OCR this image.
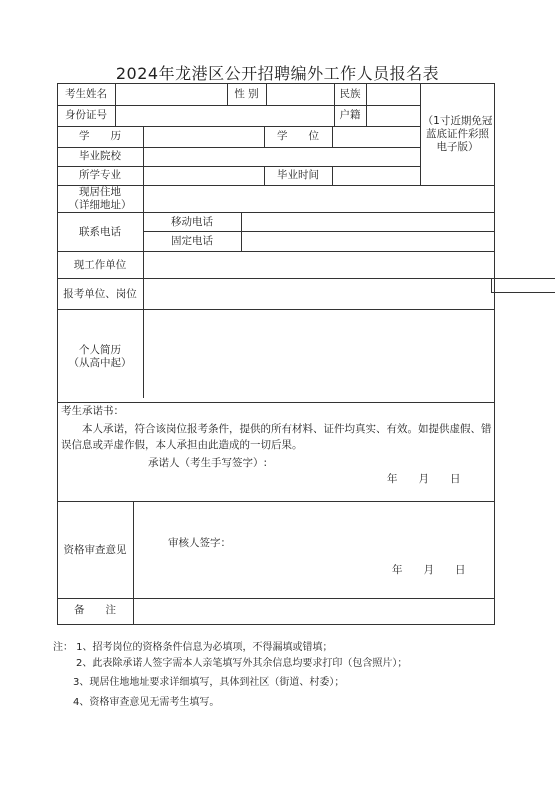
2024年龙港区公开招聘编外工作人员报名表
考生姓名	性 别	民族
身份证号	户籍	（1寸近期免冠蓝底证件彩照电子版）
学　　历	学　　位
毕业院校
所学专业	毕业时间
现居住地
（详细地址）
联系电话
移动电话
固定电话
现工作单位
报考单位、岗位
个人简历
（从高中起）
考生承诺书：
本人承诺，符合该岗位报考条件，提供的所有材料、证件均真实、有效。如提供虚假、错误信息或弄虚作假，本人承担由此造成的一切后果。
承诺人（考生手写签字）:
年　　月　　日
资格审查意见
审核人签字：
年　　月　　日
备　　注
注： 1、招考岗位的资格条件信息为必填项，不得漏填或错填；
2、此表除承诺人签字需本人亲笔填写外其余信息均要求打印（包含照片）；
3、现居住地地址要求详细填写，具体到社区（街道、村委）；
4、资格审查意见无需考生填写。
